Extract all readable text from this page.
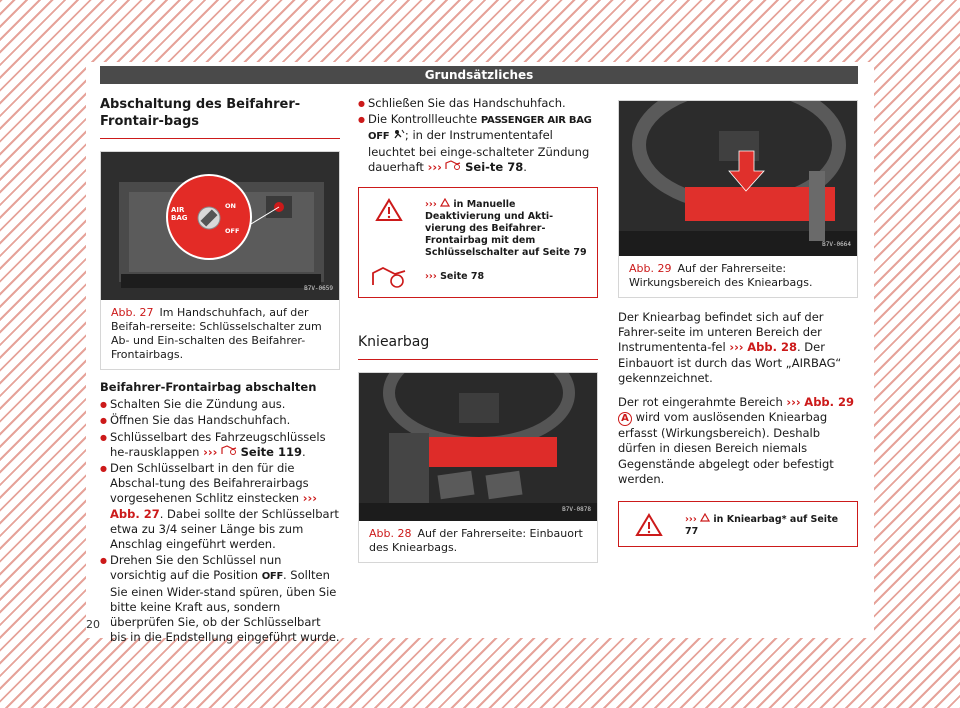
Grundsätzliches
Abschaltung des Beifahrer-Frontair-bags
AIR
BAG
ON
OFF
B7V-0659
Abb. 27 Im Handschuhfach, auf der Beifah-rerseite: Schlüsselschalter zum Ab- und Ein-schalten des Beifahrer-Frontairbags.
Beifahrer-Frontairbag abschalten
● Schalten Sie die Zündung aus.
● Öffnen Sie das Handschuhfach.
● Schlüsselbart des Fahrzeugschlüssels he-rausklappen ››› Seite 119.
● Den Schlüsselbart in den für die Abschal-tung des Beifahrerairbags vorgesehenen Schlitz einstecken ››› Abb. 27. Dabei sollte der Schlüsselbart etwa zu 3/4 seiner Länge bis zum Anschlag eingeführt werden.
● Drehen Sie den Schlüssel nun vorsichtig auf die Position OFF. Sollten Sie einen Wider-stand spüren, üben Sie bitte keine Kraft aus, sondern überprüfen Sie, ob der Schlüsselbart bis in die Endstellung eingeführt wurde.
● Schließen Sie das Handschuhfach.
● Die Kontrollleuchte PASSENGER AIR BAG OFF ; in der Instrumententafel leuchtet bei einge-schalteter Zündung dauerhaft ››› Sei-te 78.
››› in Manuelle Deaktivierung und Akti-vierung des Beifahrer-Frontairbag mit dem Schlüsselschalter auf Seite 79
››› Seite 78
Kniearbag
B7V-0878
Abb. 28 Auf der Fahrerseite: Einbauort des Kniearbags.
B7V-0664
Abb. 29 Auf der Fahrerseite: Wirkungsbereich des Kniearbags.

Der Kniearbag befindet sich auf der Fahrer-seite im unteren Bereich der Instrumententa-fel ››› Abb. 28. Der Einbauort ist durch das Wort „AIRBAG“ gekennzeichnet.

Der rot eingerahmte Bereich ››› Abb. 29 A wird vom auslösenden Kniearbag erfasst (Wirkungsbereich). Deshalb dürfen in diesen Bereich niemals Gegenstände abgelegt oder befestigt werden.

››› in Kniearbag* auf Seite 77
20
